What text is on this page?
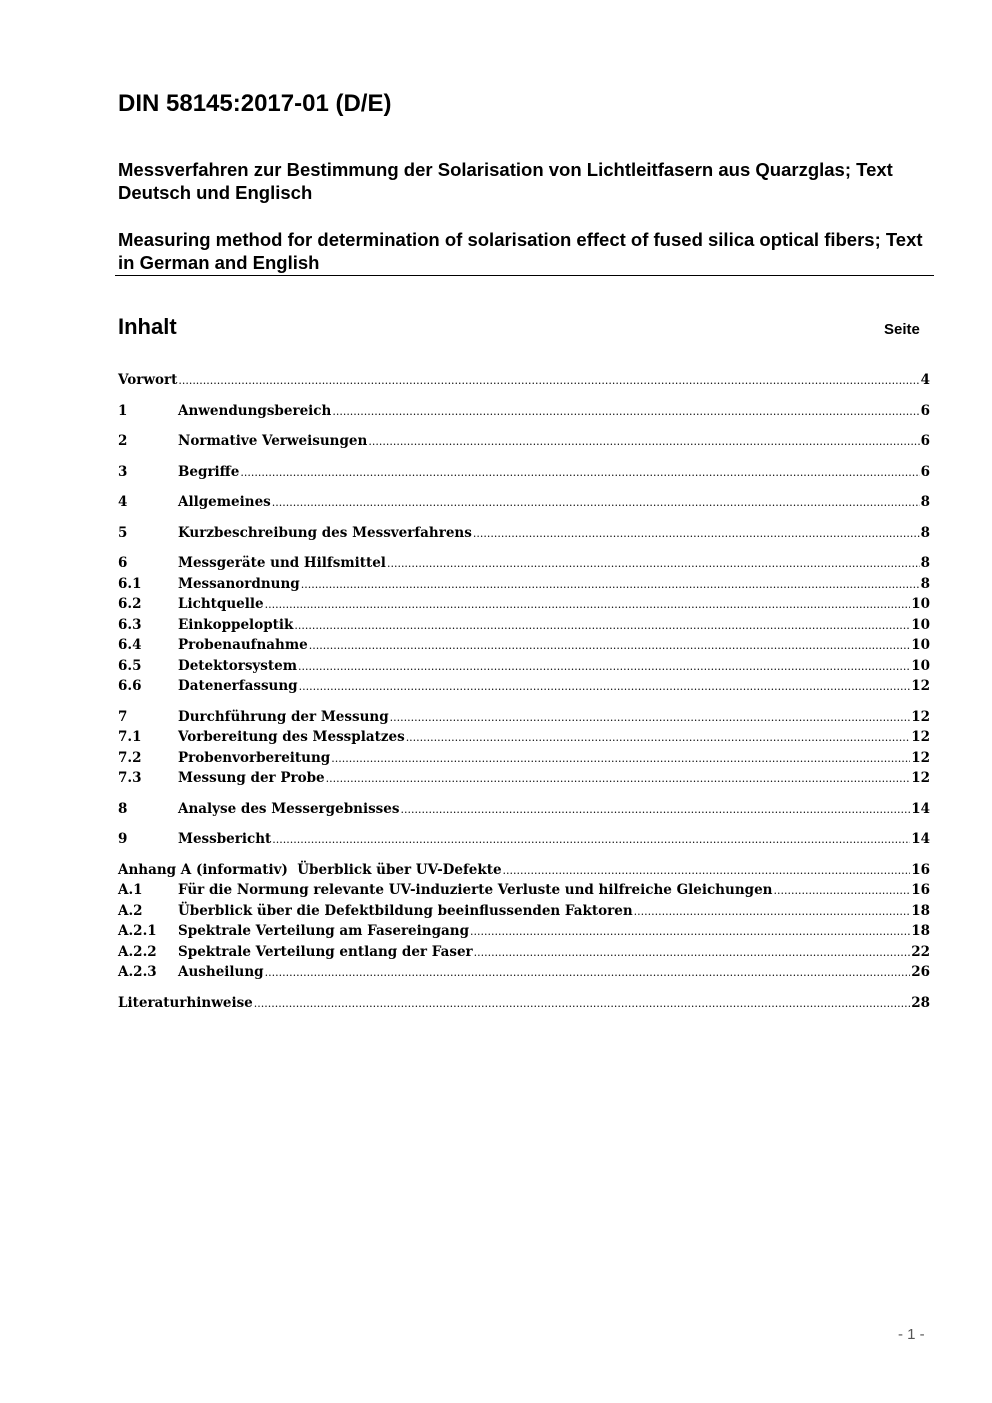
DIN 58145:2017-01 (D/E)

Messverfahren zur Bestimmung der Solarisation von Lichtleitfasern aus Quarzglas; Text Deutsch und Englisch

Measuring method for determination of solarisation effect of fused silica optical fibers; Text in German and English

Inhalt	Seite
Vorwort .....	4
1	Anwendungsbereich .....	6
2	Normative Verweisungen .....	6
3	Begriffe .....	6
4	Allgemeines .....	8
5	Kurzbeschreibung des Messverfahrens .....	8
6	Messgeräte und Hilfsmittel .....	8
6.1	Messanordnung .....	8
6.2	Lichtquelle .....	10
6.3	Einkoppeloptik .....	10
6.4	Probenaufnahme .....	10
6.5	Detektorsystem .....	10
6.6	Datenerfassung .....	12
7	Durchführung der Messung .....	12
7.1	Vorbereitung des Messplatzes .....	12
7.2	Probenvorbereitung .....	12
7.3	Messung der Probe .....	12
8	Analyse des Messergebnisses .....	14
9	Messbericht .....	14
Anhang A (informativ)  Überblick über UV-Defekte .....	16
A.1	Für die Normung relevante UV-induzierte Verluste und hilfreiche Gleichungen .....	16
A.2	Überblick über die Defektbildung beeinflussenden Faktoren .....	18
A.2.1	Spektrale Verteilung am Fasereingang .....	18
A.2.2	Spektrale Verteilung entlang der Faser .....	22
A.2.3	Ausheilung .....	26
Literaturhinweise .....	28
- 1 -
